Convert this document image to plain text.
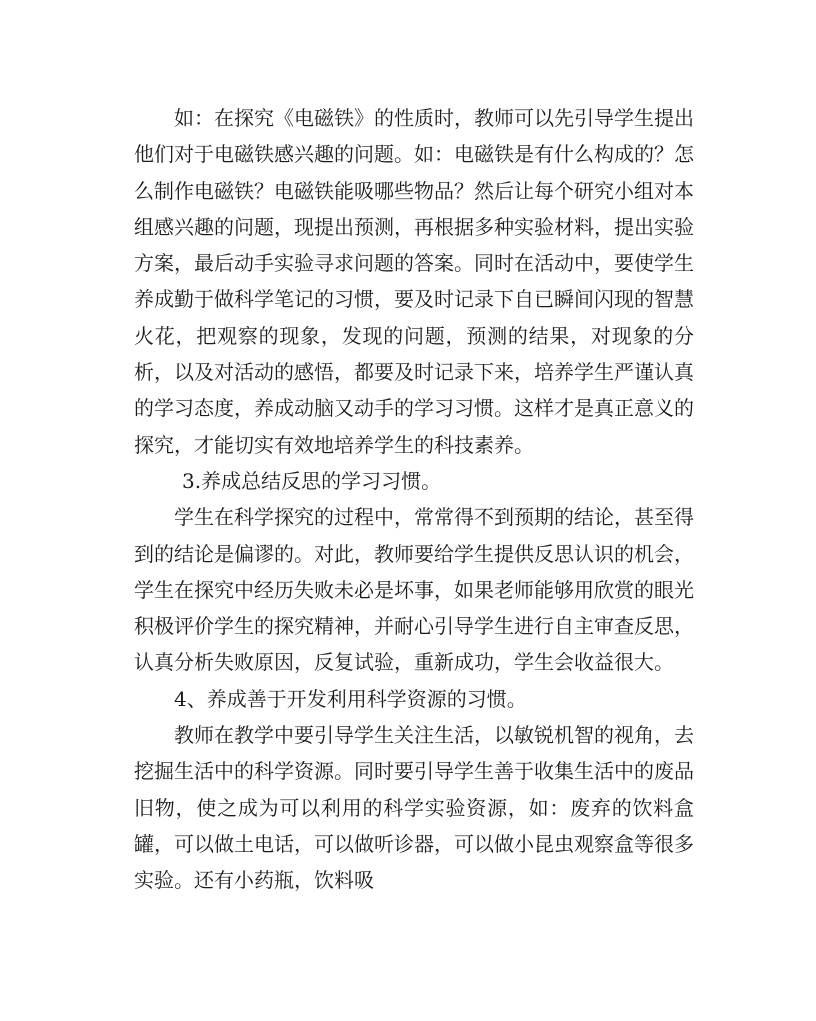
如：在探究《电磁铁》的性质时，教师可以先引导学生提出他们对于电磁铁感兴趣的问题。如：电磁铁是有什么构成的？怎么制作电磁铁？电磁铁能吸哪些物品？然后让每个研究小组对本组感兴趣的问题，现提出预测，再根据多种实验材料，提出实验方案，最后动手实验寻求问题的答案。同时在活动中，要使学生养成勤于做科学笔记的习惯，要及时记录下自已瞬间闪现的智慧火花，把观察的现象，发现的问题，预测的结果，对现象的分析，以及对活动的感悟，都要及时记录下来，培养学生严谨认真的学习态度，养成动脑又动手的学习习惯。这样才是真正意义的探究，才能切实有效地培养学生的科技素养。

3.养成总结反思的学习习惯。

学生在科学探究的过程中，常常得不到预期的结论，甚至得到的结论是偏谬的。对此，教师要给学生提供反思认识的机会，学生在探究中经历失败未必是坏事，如果老师能够用欣赏的眼光积极评价学生的探究精神，并耐心引导学生进行自主审查反思，认真分析失败原因，反复试验，重新成功，学生会收益很大。

4、养成善于开发利用科学资源的习惯。

教师在教学中要引导学生关注生活，以敏锐机智的视角，去挖掘生活中的科学资源。同时要引导学生善于收集生活中的废品旧物，使之成为可以利用的科学实验资源，如：废弃的饮料盒罐，可以做土电话，可以做听诊器，可以做小昆虫观察盒等很多实验。还有小药瓶，饮料吸
